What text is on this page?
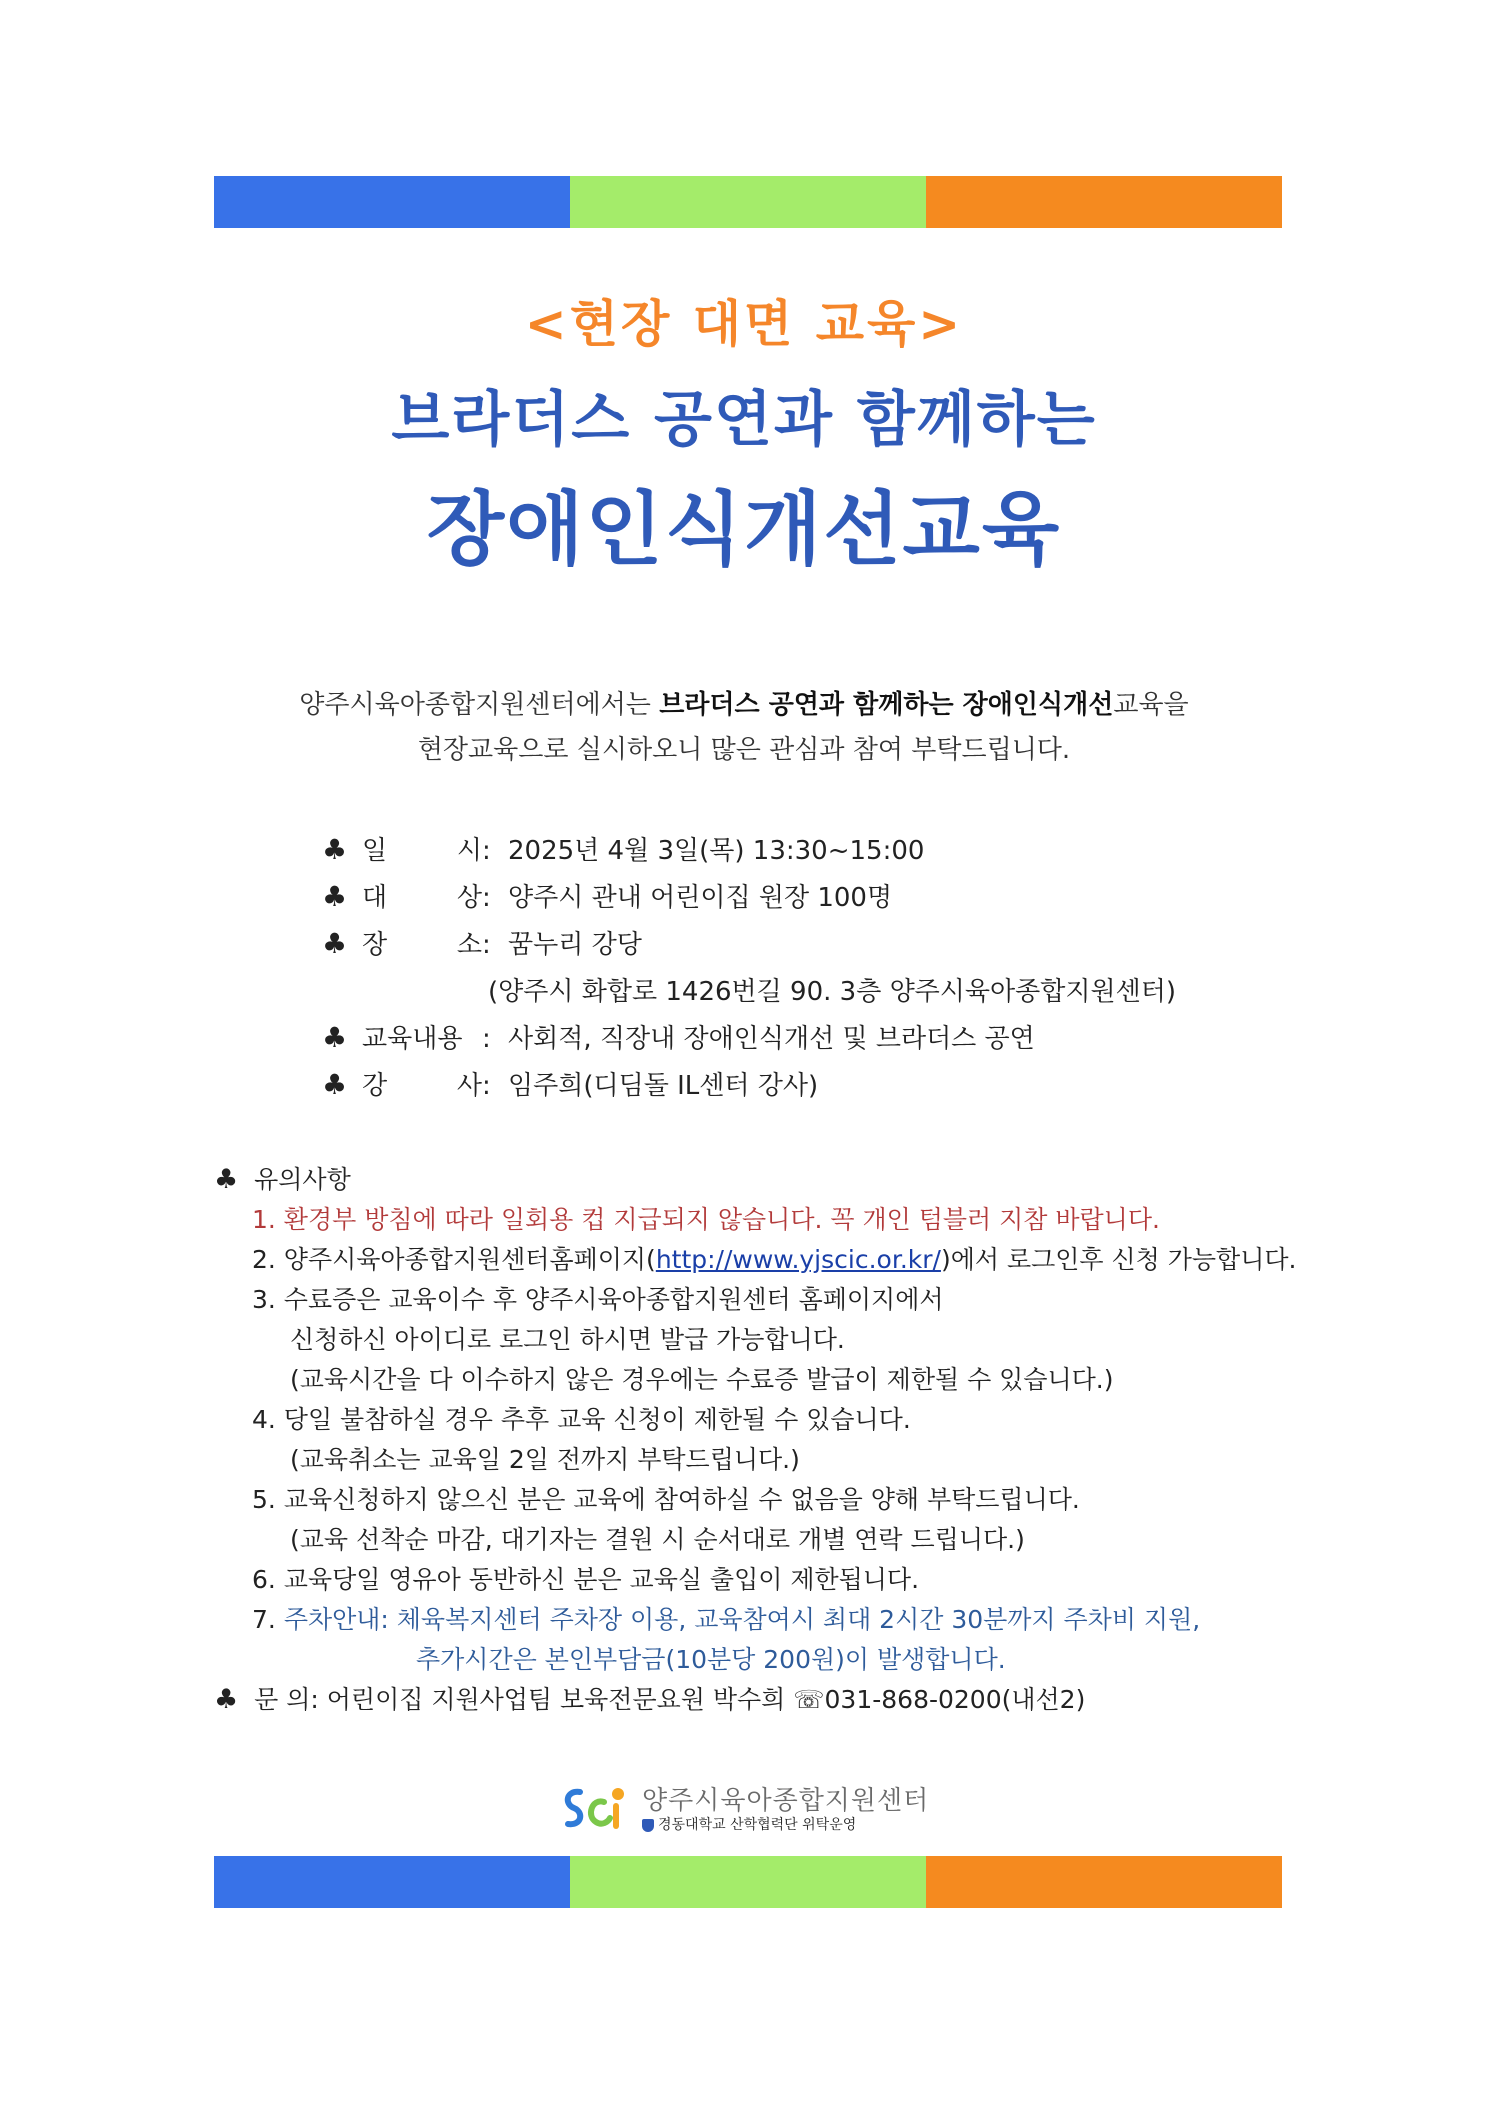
<현장 대면 교육>
브라더스 공연과 함께하는
장애인식개선교육
양주시육아종합지원센터에서는 브라더스 공연과 함께하는 장애인식개선교육을
현장교육으로 실시하오니 많은 관심과 참여 부탁드립니다.
♣ 일	시 : 2025년 4월 3일(목) 13:30~15:00
♣ 대	상 : 양주시 관내 어린이집 원장 100명
♣ 장	소 : 꿈누리 강당
(양주시 화합로 1426번길 90. 3층 양주시육아종합지원센터)
♣ 교육내용 : 사회적, 직장내 장애인식개선 및 브라더스 공연
♣ 강	사 : 임주희(디딤돌 IL센터 강사)
♣ 유의사항
1. 환경부 방침에 따라 일회용 컵 지급되지 않습니다. 꼭 개인 텀블러 지참 바랍니다.
2. 양주시육아종합지원센터홈페이지(http://www.yjscic.or.kr/)에서 로그인후 신청 가능합니다.
3. 수료증은 교육이수 후 양주시육아종합지원센터 홈페이지에서
신청하신 아이디로 로그인 하시면 발급 가능합니다.
(교육시간을 다 이수하지 않은 경우에는 수료증 발급이 제한될 수 있습니다.)
4. 당일 불참하실 경우 추후 교육 신청이 제한될 수 있습니다.
(교육취소는 교육일 2일 전까지 부탁드립니다.)
5. 교육신청하지 않으신 분은 교육에 참여하실 수 없음을 양해 부탁드립니다.
(교육 선착순 마감, 대기자는 결원 시 순서대로 개별 연락 드립니다.)
6. 교육당일 영유아 동반하신 분은 교육실 출입이 제한됩니다.
7. 주차안내: 체육복지센터 주차장 이용, 교육참여시 최대 2시간 30분까지 주차비 지원,
추가시간은 본인부담금(10분당 200원)이 발생합니다.
♣ 문 의: 어린이집 지원사업팀 보육전문요원 박수희 ☏031-868-0200(내선2)
양주시육아종합지원센터
경동대학교 산학협력단 위탁운영
